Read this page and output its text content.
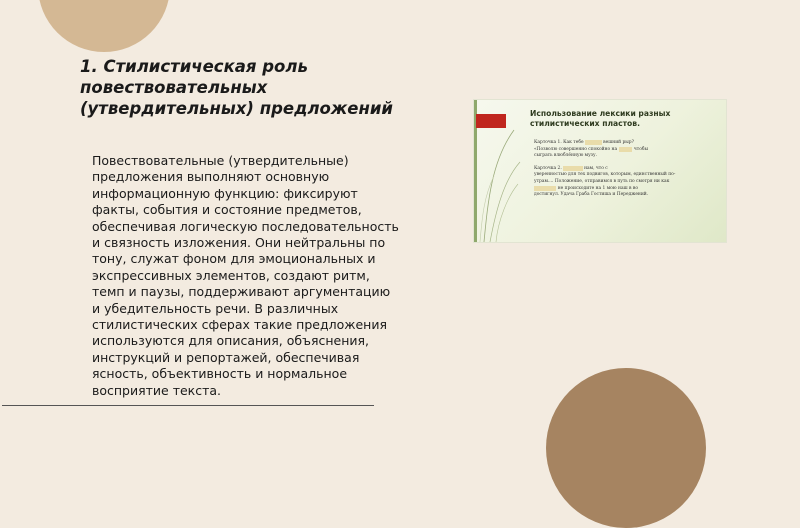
1. Стилистическая роль повествовательных (утвердительных) предложений

Повествовательные (утвердительные) предложения выполняют основную информационную функцию: фиксируют факты, события и состояние предметов, обеспечивая логическую последовательность и связность изложения. Они нейтральны по тону, служат фоном для эмоциональных и экспрессивных элементов, создают ритм, темп и паузы, поддерживают аргументацию и убедительность речи. В различных стилистических сферах такие предложения используются для описания, объяснения, инструкций и репортажей, обеспечивая ясность, объективность и нормальное восприятие текста.

Использование лексики разных стилистических пластов.

Карточка 1. Как тебе	вешний рыр?
«Позволю совершенно спокойно на	чтобы
сыграть влюблённую музу.

Карточка 2.	нам, что с
уверенностью для тех подвигов, которым, единственный по-
утрам.... Положение, отправимся в путь по смотря ни как
не происходите на 1 мою наш в во
достигнул. Удача Граба Гостиша и Переджений.
